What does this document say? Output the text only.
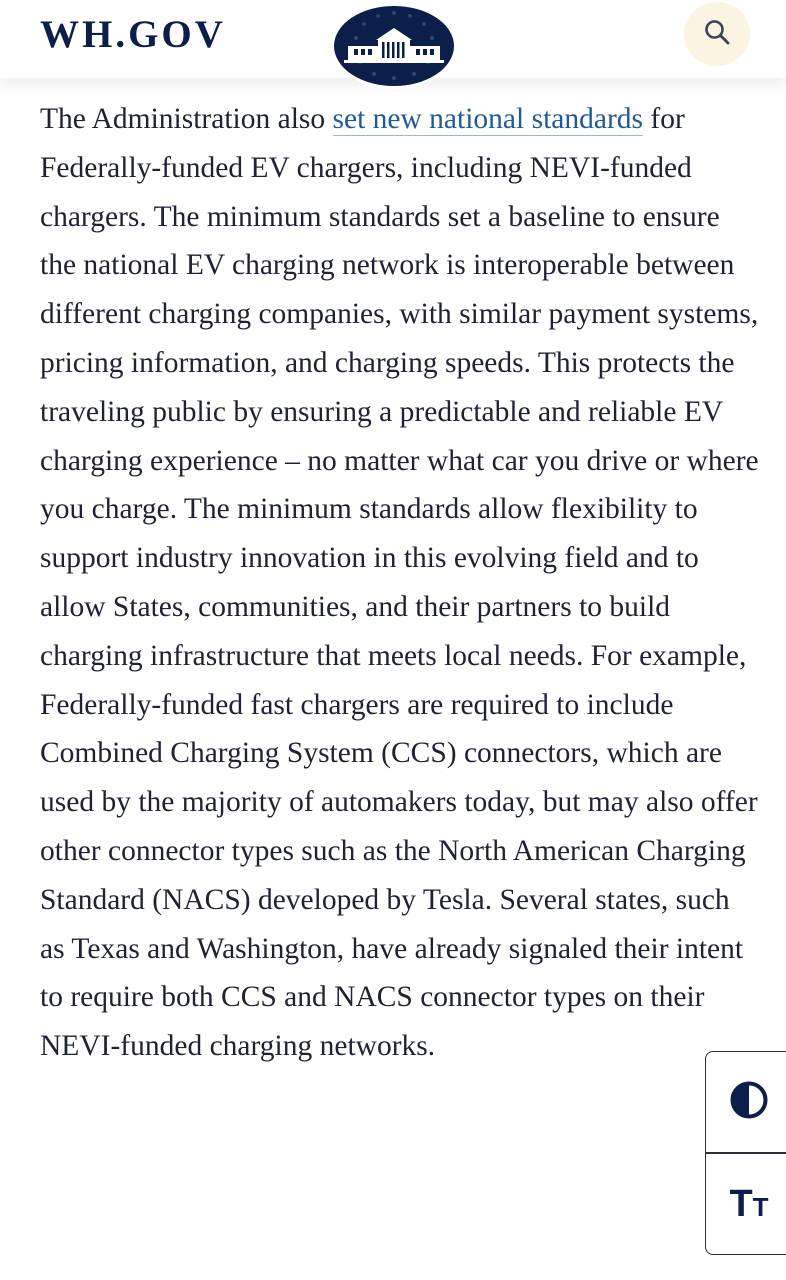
WH.GOV

The Administration also set new national standards for Federally-funded EV chargers, including NEVI-funded chargers. The minimum standards set a baseline to ensure the national EV charging network is interoperable between different charging companies, with similar payment systems, pricing information, and charging speeds. This protects the traveling public by ensuring a predictable and reliable EV charging experience – no matter what car you drive or where you charge. The minimum standards allow flexibility to support industry innovation in this evolving field and to allow States, communities, and their partners to build charging infrastructure that meets local needs. For example, Federally-funded fast chargers are required to include Combined Charging System (CCS) connectors, which are used by the majority of automakers today, but may also offer other connector types such as the North American Charging Standard (NACS) developed by Tesla. Several states, such as Texas and Washington, have already signaled their intent to require both CCS and NACS connector types on their NEVI-funded charging networks.

TT
